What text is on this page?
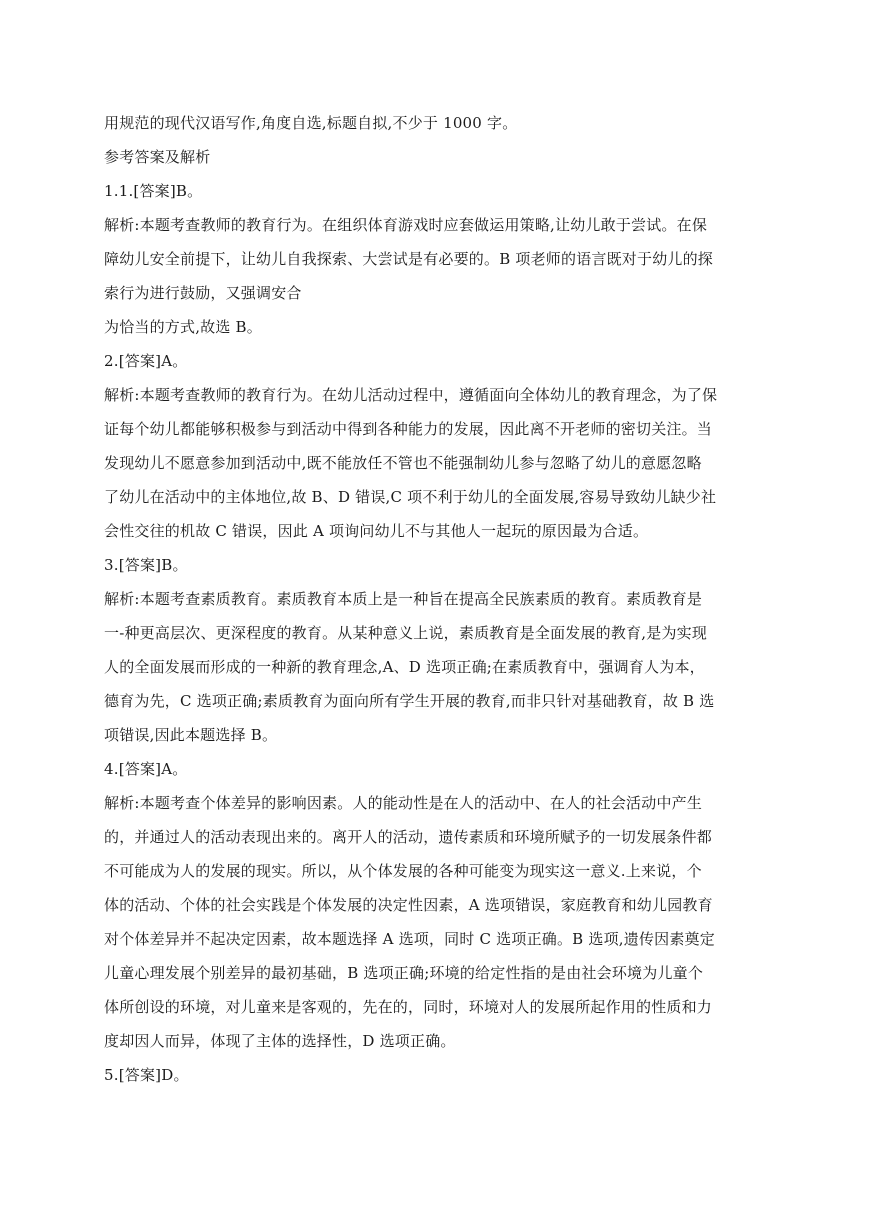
用规范的现代汉语写作,角度自选,标题自拟,不少于 1000 字。
参考答案及解析
1.1.[答案]B。
解析:本题考查教师的教育行为。在组织体育游戏时应套做运用策略,让幼儿敢于尝试。在保
障幼儿安全前提下，让幼儿自我探索、大尝试是有必要的。B 项老师的语言既对于幼儿的探
索行为进行鼓励，又强调安合
为恰当的方式,故选 B。
2.[答案]A。
解析:本题考查教师的教育行为。在幼儿活动过程中，遵循面向全体幼儿的教育理念，为了保
证每个幼儿都能够积极参与到活动中得到各种能力的发展，因此离不开老师的密切关注。当
发现幼儿不愿意参加到活动中,既不能放任不管也不能强制幼儿参与忽略了幼儿的意愿忽略
了幼儿在活动中的主体地位,故 B、D 错误,C 项不利于幼儿的全面发展,容易导致幼儿缺少社
会性交往的机故 C 错误，因此 A 项询问幼儿不与其他人一起玩的原因最为合适。
3.[答案]B。
解析:本题考查素质教育。素质教育本质上是一种旨在提高全民族素质的教育。素质教育是
一-种更高层次、更深程度的教育。从某种意义上说，素质教育是全面发展的教育,是为实现
人的全面发展而形成的一种新的教育理念,A、D 选项正确;在素质教育中，强调育人为本，
德育为先，C 选项正确;素质教育为面向所有学生开展的教育,而非只针对基础教育，故 B 选
项错误,因此本题选择 B。
4.[答案]A。
解析:本题考查个体差异的影响因素。人的能动性是在人的活动中、在人的社会活动中产生
的，并通过人的活动表现出来的。离开人的活动，遗传素质和环境所赋予的一切发展条件都
不可能成为人的发展的现实。所以，从个体发展的各种可能变为现实这一意义.上来说，个
体的活动、个体的社会实践是个体发展的决定性因素，A 选项错误，家庭教育和幼儿园教育
对个体差异并不起决定因素，故本题选择 A 选项，同时 C 选项正确。B 选项,遗传因素奠定
儿童心理发展个别差异的最初基础，B 选项正确;环境的给定性指的是由社会环境为儿童个
体所创设的环境，对儿童来是客观的，先在的，同时，环境对人的发展所起作用的性质和力
度却因人而异，体现了主体的选择性，D 选项正确。
5.[答案]D。
